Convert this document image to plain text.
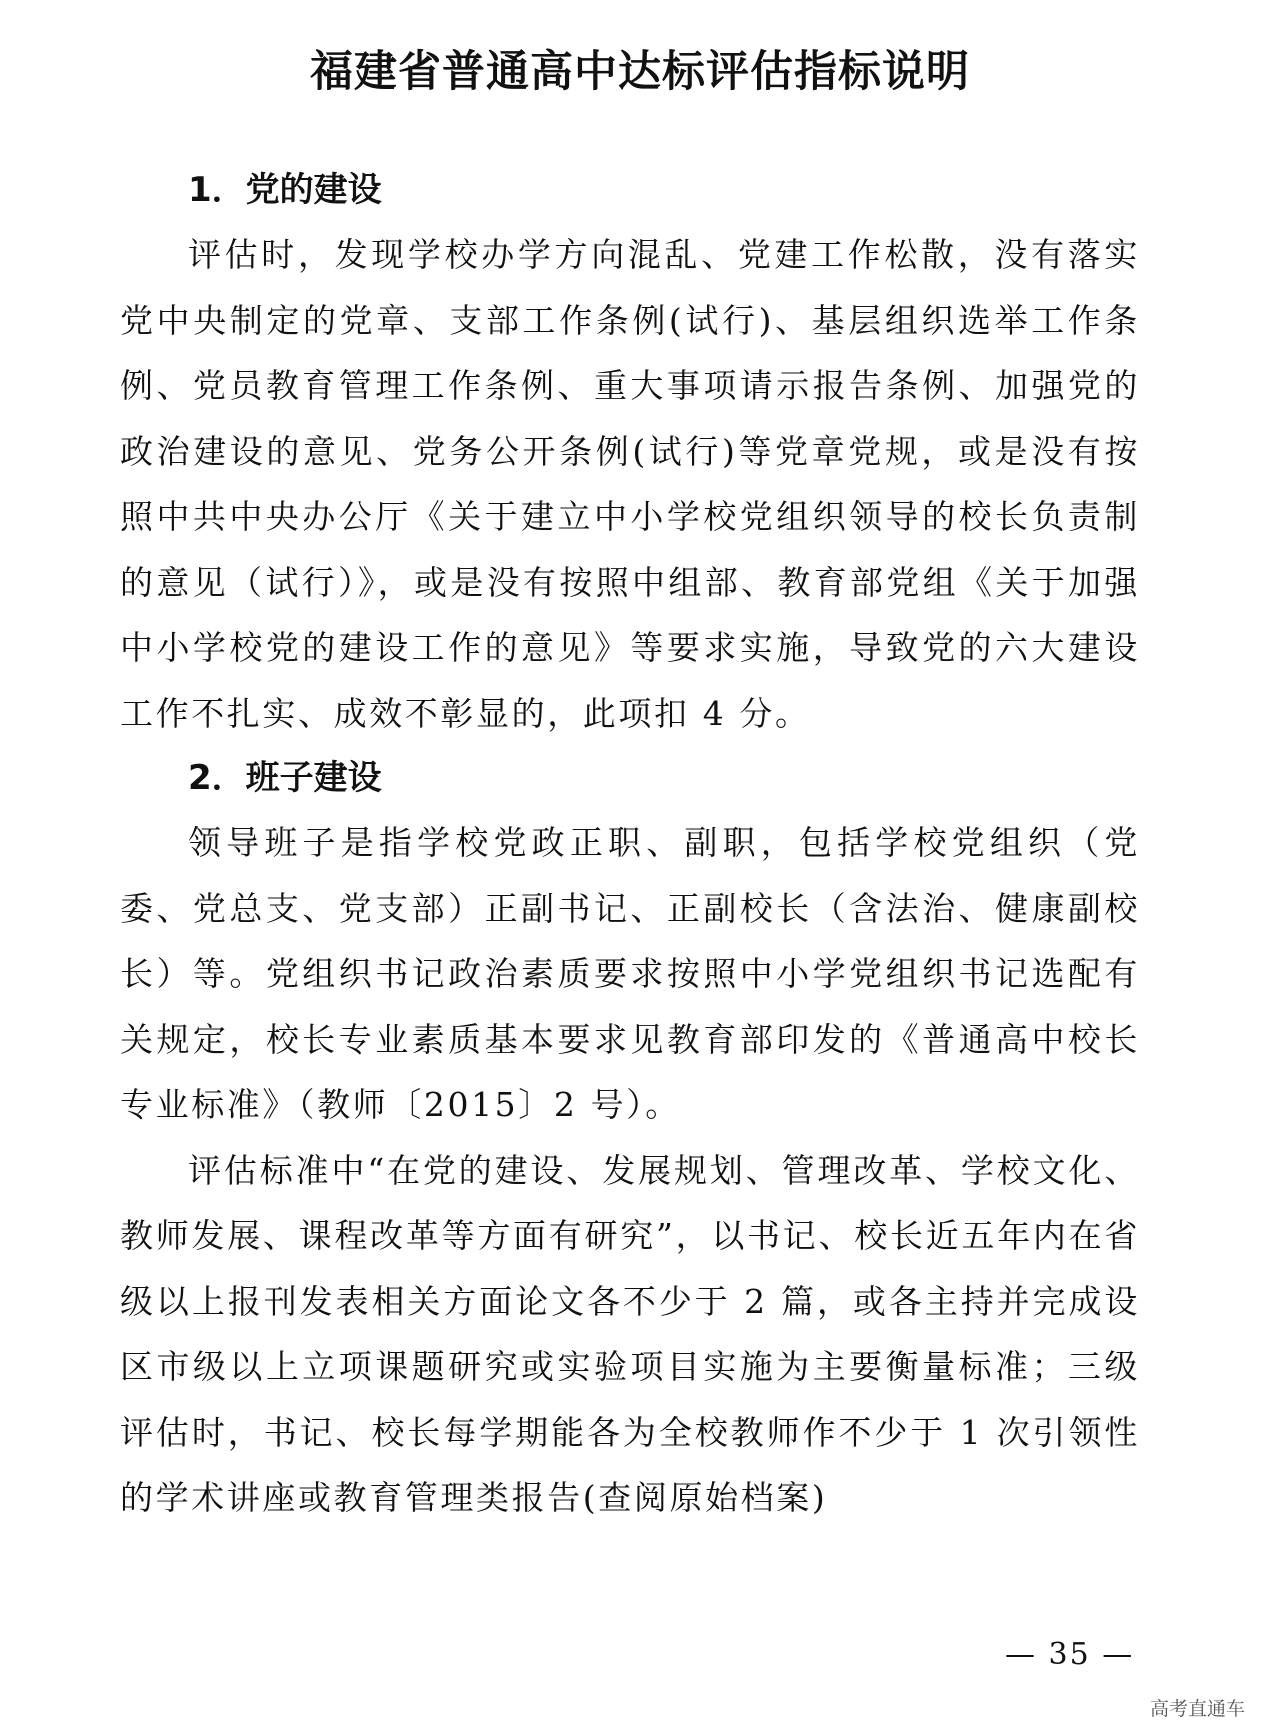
福建省普通高中达标评估指标说明
1．党的建设

评估时，发现学校办学方向混乱、党建工作松散，没有落实党中央制定的党章、支部工作条例(试行)、基层组织选举工作条例、党员教育管理工作条例、重大事项请示报告条例、加强党的政治建设的意见、党务公开条例(试行)等党章党规，或是没有按照中共中央办公厅《关于建立中小学校党组织领导的校长负责制的意见（试行）》，或是没有按照中组部、教育部党组《关于加强中小学校党的建设工作的意见》等要求实施，导致党的六大建设工作不扎实、成效不彰显的，此项扣 4 分。

2．班子建设

领导班子是指学校党政正职、副职，包括学校党组织（党委、党总支、党支部）正副书记、正副校长（含法治、健康副校长）等。党组织书记政治素质要求按照中小学党组织书记选配有关规定，校长专业素质基本要求见教育部印发的《普通高中校长专业标准》（教师〔2015〕2 号）。

评估标准中“在党的建设、发展规划、管理改革、学校文化、教师发展、课程改革等方面有研究”，以书记、校长近五年内在省级以上报刊发表相关方面论文各不少于 2 篇，或各主持并完成设区市级以上立项课题研究或实验项目实施为主要衡量标准；三级评估时，书记、校长每学期能各为全校教师作不少于 1 次引领性的学术讲座或教育管理类报告(查阅原始档案)

— 35 —
高考直通车
